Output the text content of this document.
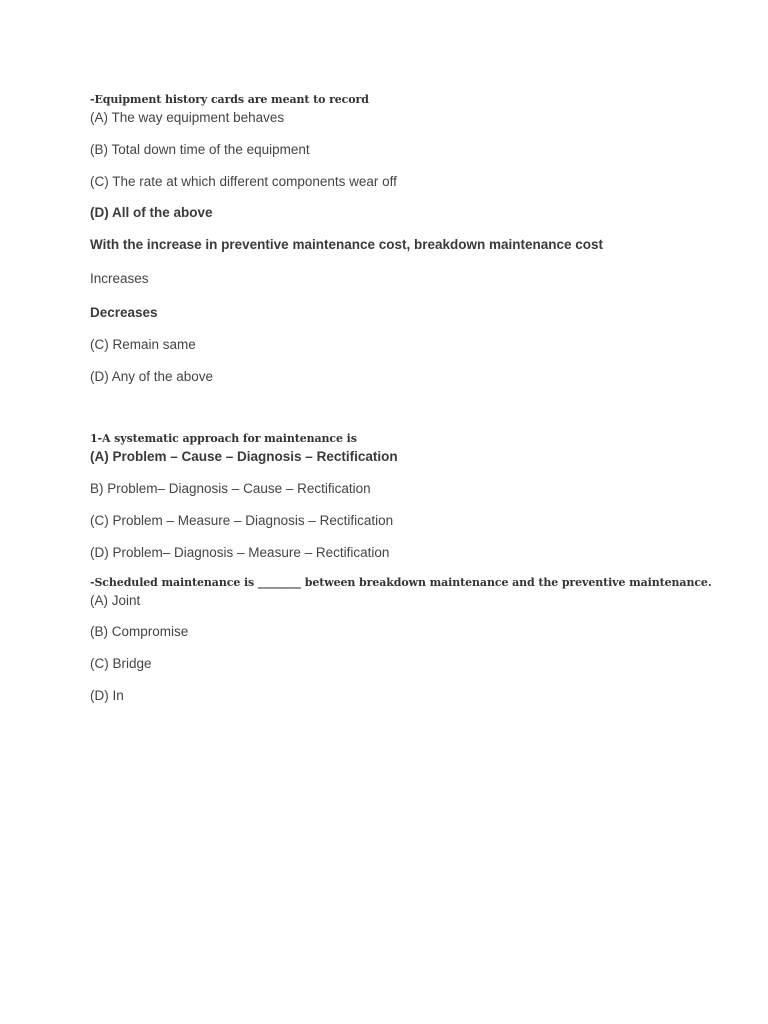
-Equipment history cards are meant to record
(A) The way equipment behaves
(B) Total down time of the equipment
(C) The rate at which different components wear off
(D) All of the above
With the increase in preventive maintenance cost, breakdown maintenance cost
Increases
Decreases
(C) Remain same
(D) Any of the above
1-A systematic approach for maintenance is
(A) Problem – Cause – Diagnosis – Rectification
B) Problem– Diagnosis – Cause – Rectification
(C) Problem – Measure – Diagnosis – Rectification
(D) Problem– Diagnosis – Measure – Rectification
-Scheduled maintenance is ________ between breakdown maintenance and the preventive maintenance.
(A) Joint
(B) Compromise
(C) Bridge
(D) In
